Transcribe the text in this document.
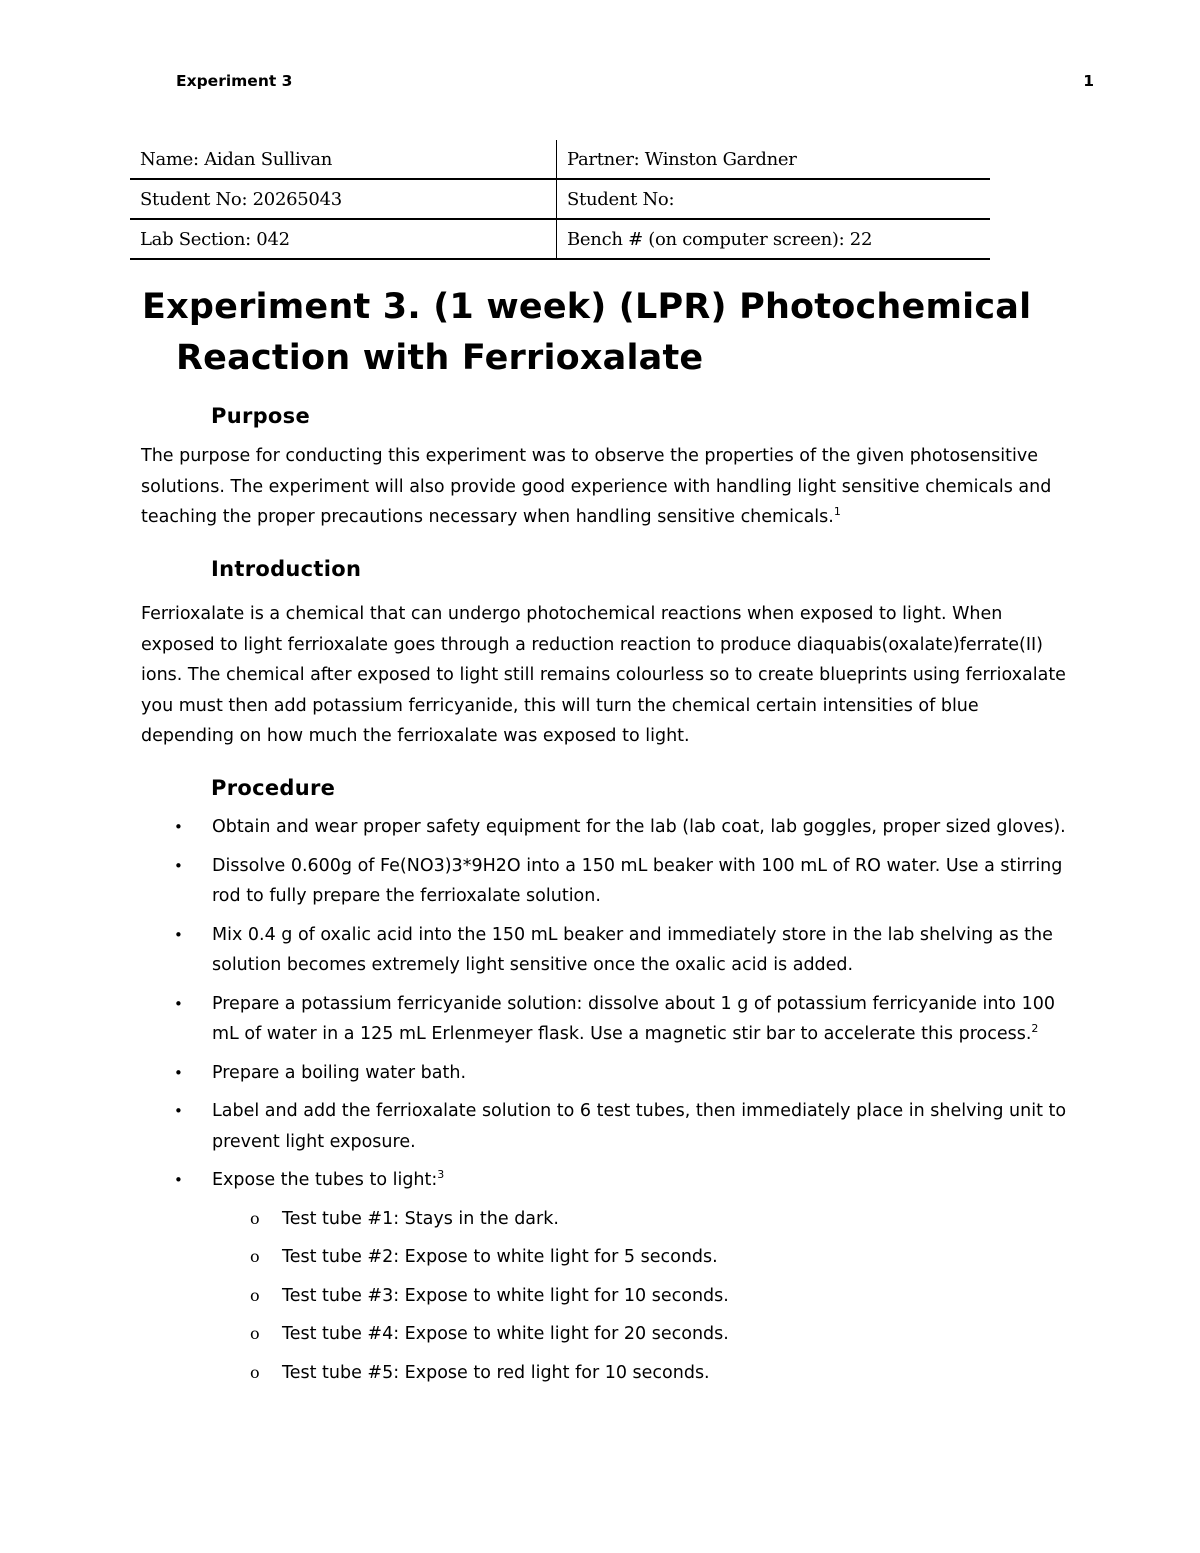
Experiment 3	1
Name: Aidan Sullivan	Partner: Winston Gardner
Student No: 20265043	Student No:
Lab Section: 042	Bench # (on computer screen): 22
Experiment 3. (1 week) (LPR) Photochemical
Reaction with Ferrioxalate
Purpose

The purpose for conducting this experiment was to observe the properties of the given photosensitive solutions. The experiment will also provide good experience with handling light sensitive chemicals and teaching the proper precautions necessary when handling sensitive chemicals.$^1$

Introduction

Ferrioxalate is a chemical that can undergo photochemical reactions when exposed to light. When exposed to light ferrioxalate goes through a reduction reaction to produce diaquabis(oxalate)ferrate(II) ions. The chemical after exposed to light still remains colourless so to create blueprints using ferrioxalate you must then add potassium ferricyanide, this will turn the chemical certain intensities of blue depending on how much the ferrioxalate was exposed to light.

Procedure
• Obtain and wear proper safety equipment for the lab (lab coat, lab goggles, proper sized gloves).
• Dissolve 0.600g of Fe(NO3)3*9H2O into a 150 mL beaker with 100 mL of RO water. Use a stirring rod to fully prepare the ferrioxalate solution.
• Mix 0.4 g of oxalic acid into the 150 mL beaker and immediately store in the lab shelving as the solution becomes extremely light sensitive once the oxalic acid is added.
• Prepare a potassium ferricyanide solution: dissolve about 1 g of potassium ferricyanide into 100 mL of water in a 125 mL Erlenmeyer flask. Use a magnetic stir bar to accelerate this process.$^2$
• Prepare a boiling water bath.
• Label and add the ferrioxalate solution to 6 test tubes, then immediately place in shelving unit to prevent light exposure.
• Expose the tubes to light:$^3$
o Test tube #1: Stays in the dark.
o Test tube #2: Expose to white light for 5 seconds.
o Test tube #3: Expose to white light for 10 seconds.
o Test tube #4: Expose to white light for 20 seconds.
o Test tube #5: Expose to red light for 10 seconds.
